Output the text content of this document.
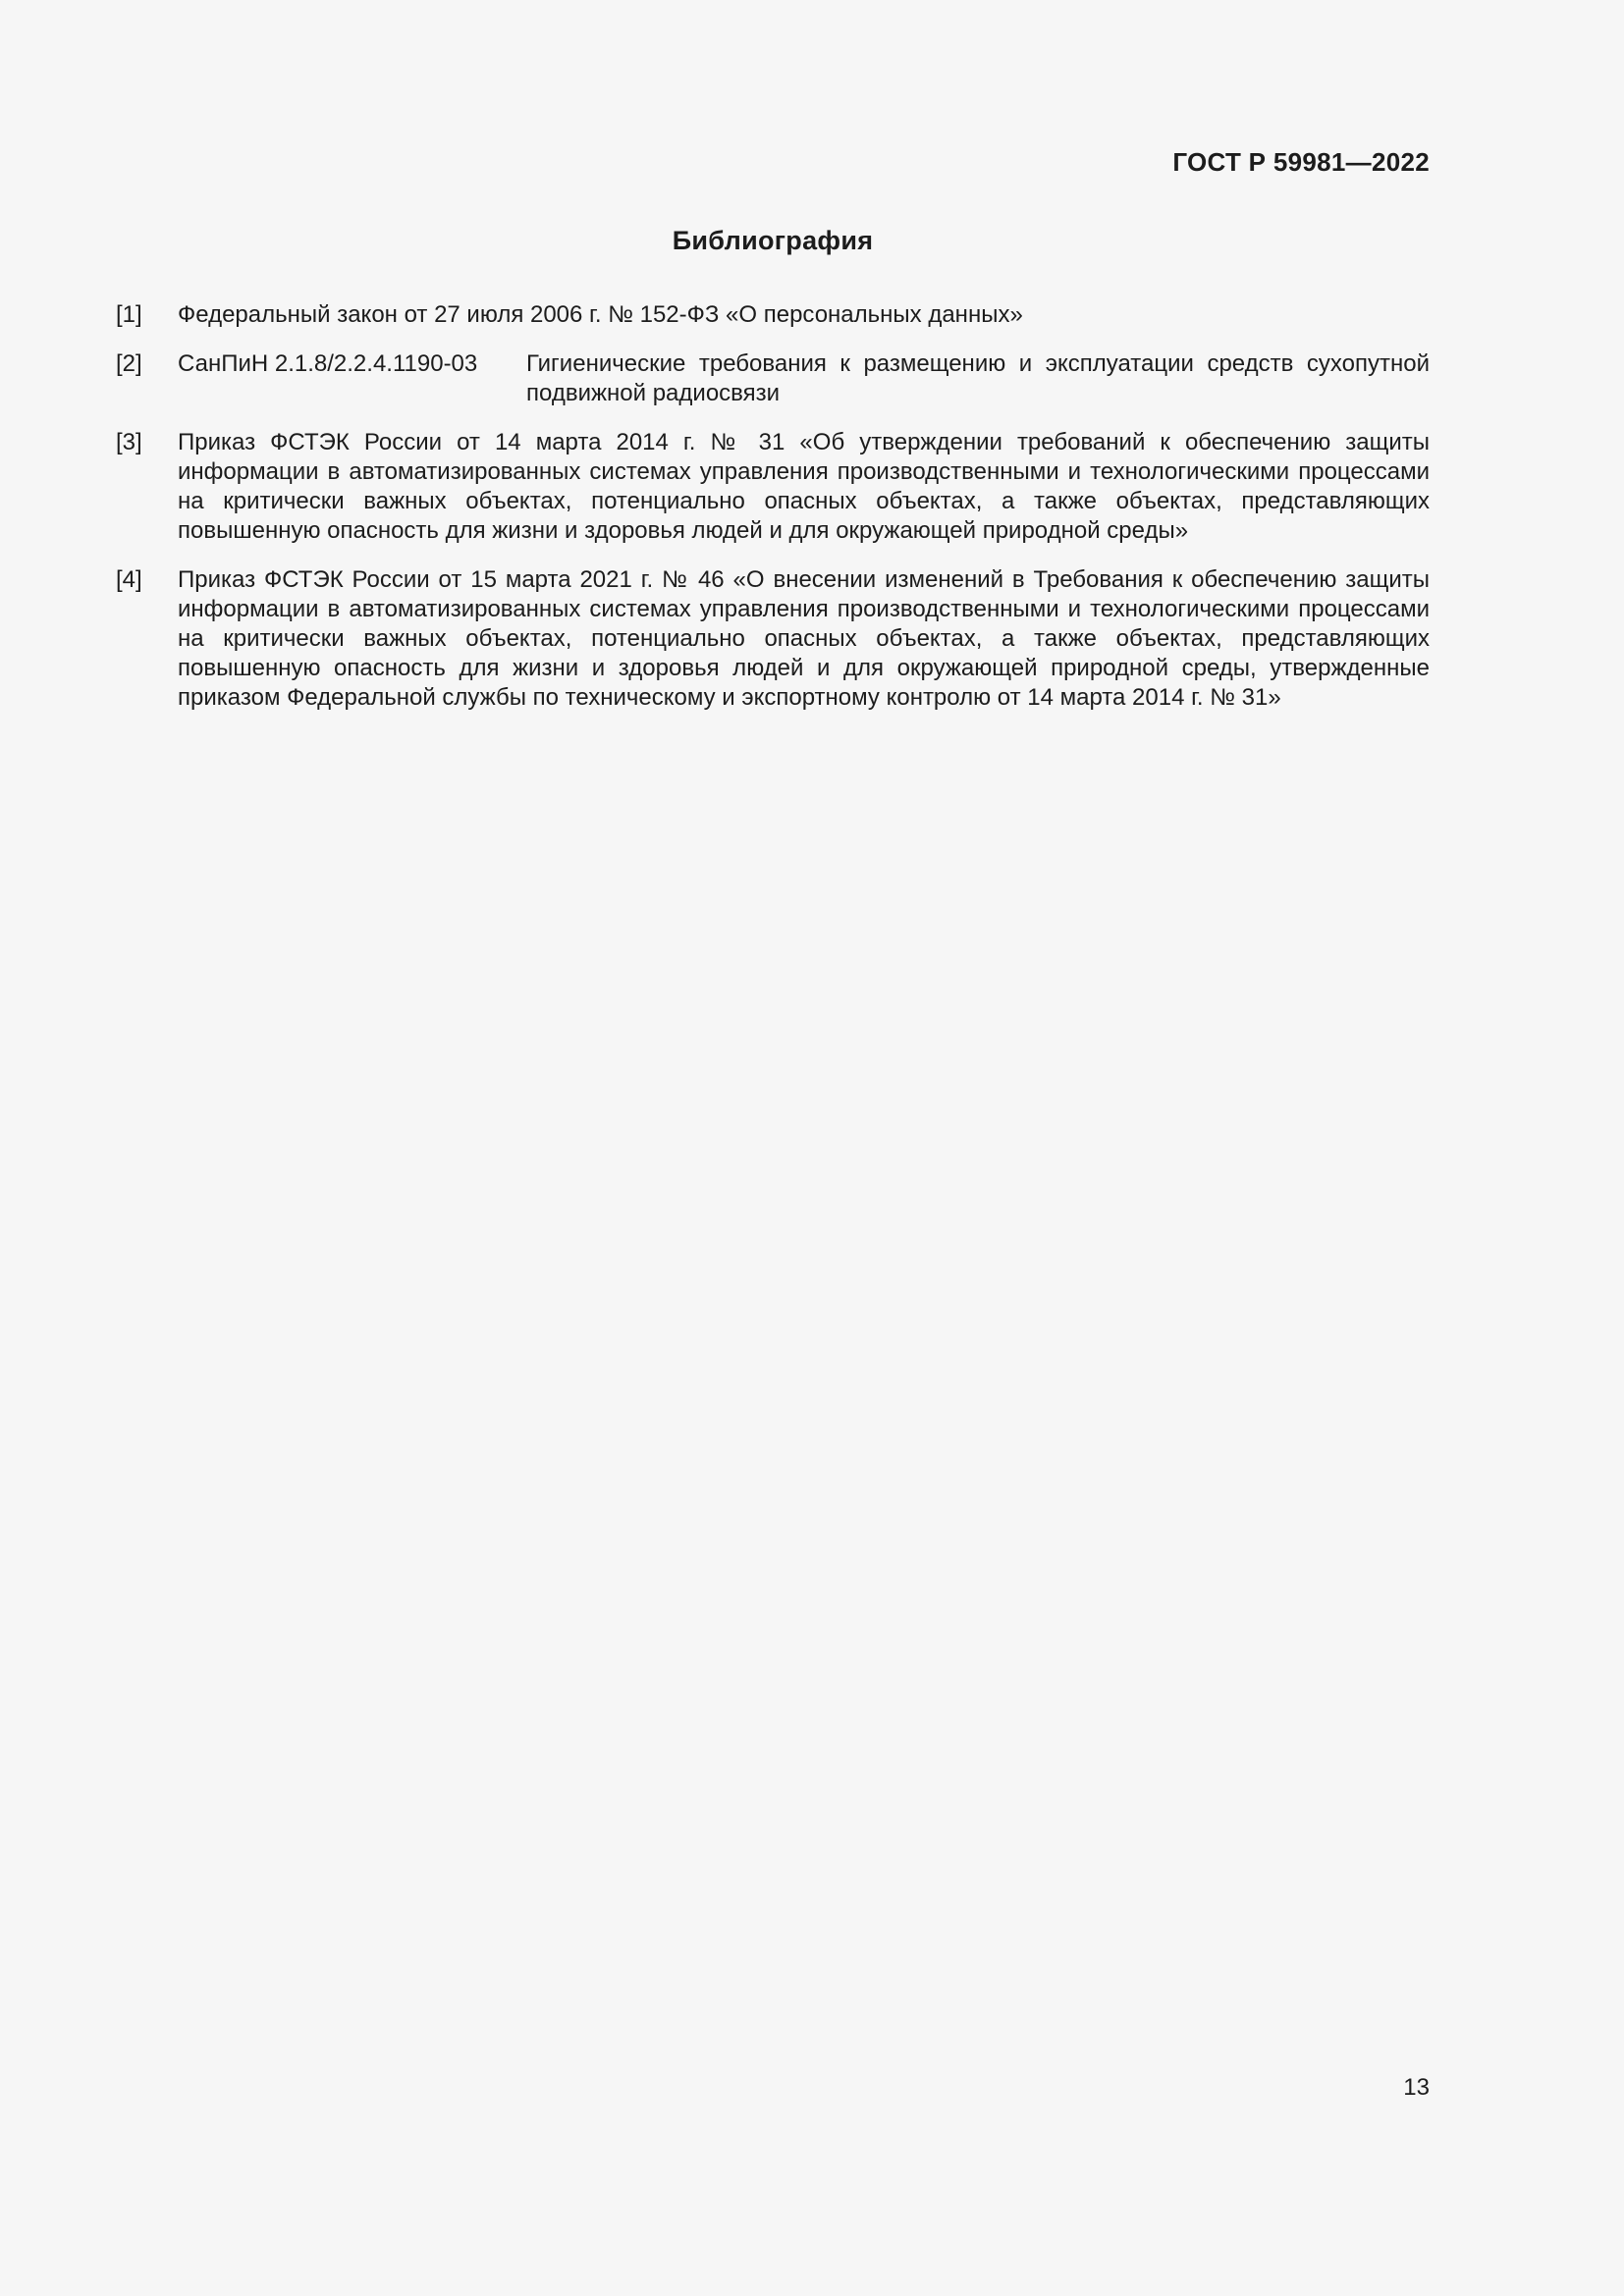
ГОСТ Р 59981—2022
Библиография
[1] Федеральный закон от 27 июля 2006 г. № 152-ФЗ «О персональных данных»
[2] СанПиН 2.1.8/2.2.4.1190-03	Гигиенические требования к размещению и эксплуатации средств сухопутной подвижной радиосвязи
[3] Приказ ФСТЭК России от 14 марта 2014 г. № 31 «Об утверждении требований к обеспечению защиты информации в автоматизированных системах управления производственными и технологическими процессами на критически важных объектах, потенциально опасных объектах, а также объектах, представляющих повышенную опасность для жизни и здоровья людей и для окружающей природной среды»
[4] Приказ ФСТЭК России от 15 марта 2021 г. № 46 «О внесении изменений в Требования к обеспечению защиты информации в автоматизированных системах управления производственными и технологическими процессами на критически важных объектах, потенциально опасных объектах, а также объектах, представляющих повышенную опасность для жизни и здоровья людей и для окружающей природной среды, утвержденные приказом Федеральной службы по техническому и экспортному контролю от 14 марта 2014 г. № 31»
13
